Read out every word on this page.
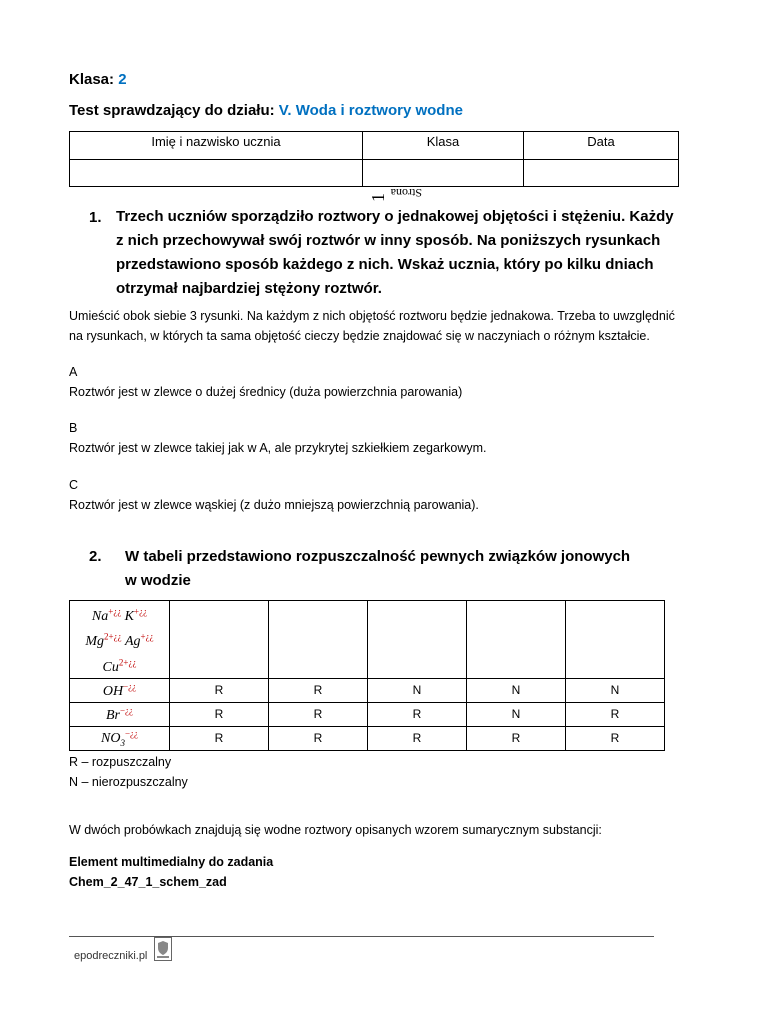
Klasa: 2
Test sprawdzający do działu: V. Woda i roztwory wodne
Imię i nazwisko ucznia	Klasa	Data

Strona
1
1. Trzech uczniów sporządziło roztwory o jednakowej objętości i stężeniu. Każdy
z nich przechowywał swój roztwór w inny sposób. Na poniższych rysunkach
przedstawiono sposób każdego z nich. Wskaż ucznia, który po kilku dniach
otrzymał najbardziej stężony roztwór.
Umieścić obok siebie 3 rysunki. Na każdym z nich objętość roztworu będzie jednakowa. Trzeba to uwzględnić
na rysunkach, w których ta sama objętość cieczy będzie znajdować się w naczyniach o różnym kształcie.
A
Roztwór jest w zlewce o dużej średnicy (duża powierzchnia parowania)
B
Roztwór jest w zlewce takiej jak w A, ale przykrytej szkiełkiem zegarkowym.
C
Roztwór jest w zlewce wąskiej (z dużo mniejszą powierzchnią parowania).
2. W tabeli przedstawiono rozpuszczalność pewnych związków jonowych
w wodzie
Na+¿¿ K+¿¿
$Mg^{2+¿¿}$ Ag+¿¿
$Cu^{2+¿¿}$					
OH−¿¿	R	R	N	N	N
Br−¿¿	R	R	R	N	R
$NO_3^{-¿¿}$	R	R	R	R	R
R – rozpuszczalny
N – nierozpuszczalny
W dwóch probówkach znajdują się wodne roztwory opisanych wzorem sumarycznym substancji:
Element multimedialny do zadania
Chem_2_47_1_schem_zad
epodreczniki.pl
